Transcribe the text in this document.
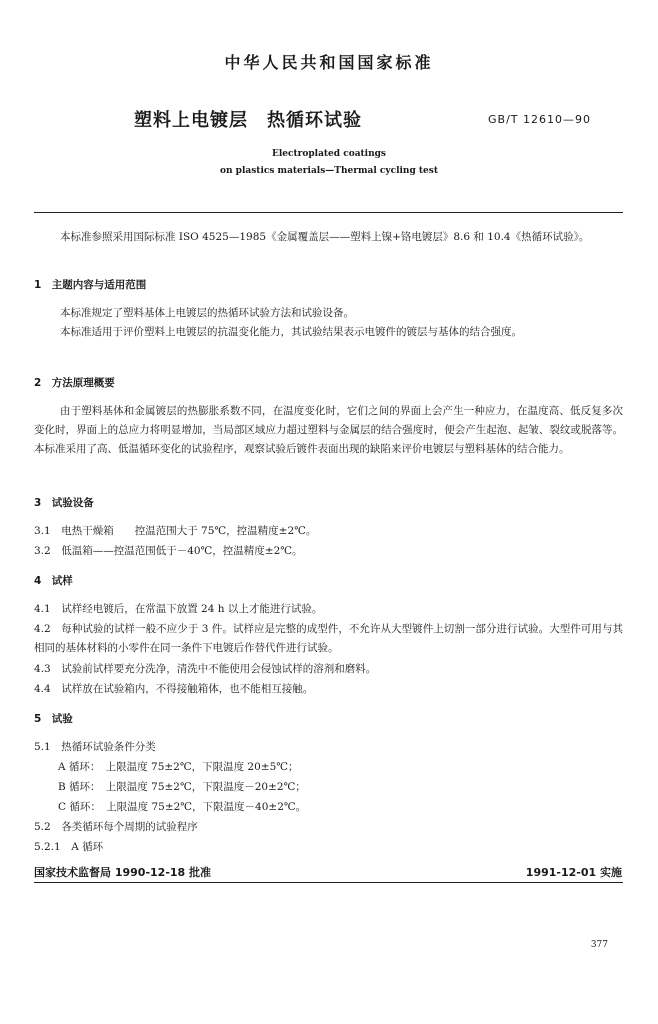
中华人民共和国国家标准
塑料上电镀层　热循环试验	GB/T 12610—90
Electroplated coatings
on plastics materials—Thermal cycling test
本标准参照采用国际标准 ISO 4525—1985《金属覆盖层——塑料上镍+铬电镀层》8.6 和 10.4《热循环试验》。
1　主题内容与适用范围
本标准规定了塑料基体上电镀层的热循环试验方法和试验设备。
本标准适用于评价塑料上电镀层的抗温变化能力，其试验结果表示电镀件的镀层与基体的结合强度。
2　方法原理概要
由于塑料基体和金属镀层的热膨胀系数不同，在温度变化时，它们之间的界面上会产生一种应力，在温度高、低反复多次变化时，界面上的总应力将明显增加，当局部区域应力超过塑料与金属层的结合强度时，便会产生起泡、起皱、裂纹或脱落等。本标准采用了高、低温循环变化的试验程序，观察试验后镀件表面出现的缺陷来评价电镀层与塑料基体的结合能力。
3　试验设备
3.1　电热干燥箱　　控温范围大于 75℃，控温精度±2℃。
3.2　低温箱——控温范围低于－40℃，控温精度±2℃。
4　试样
4.1　试样经电镀后，在常温下放置 24 h 以上才能进行试验。
4.2　每种试验的试样一般不应少于 3 件。试样应是完整的成型件，不允许从大型镀件上切割一部分进行试验。大型件可用与其相同的基体材料的小零件在同一条件下电镀后作替代件进行试验。
4.3　试验前试样要充分洗净，清洗中不能使用会侵蚀试样的溶剂和磨料。
4.4　试样放在试验箱内，不得接触箱体，也不能相互接触。
5　试验
5.1　热循环试验条件分类
A 循环：　上限温度 75±2℃，下限温度 20±5℃；
B 循环：　上限温度 75±2℃，下限温度－20±2℃；
C 循环：　上限温度 75±2℃，下限温度－40±2℃。
5.2　各类循环每个周期的试验程序
5.2.1　A 循环
国家技术监督局 1990-12-18 批准	1991-12-01 实施
377
